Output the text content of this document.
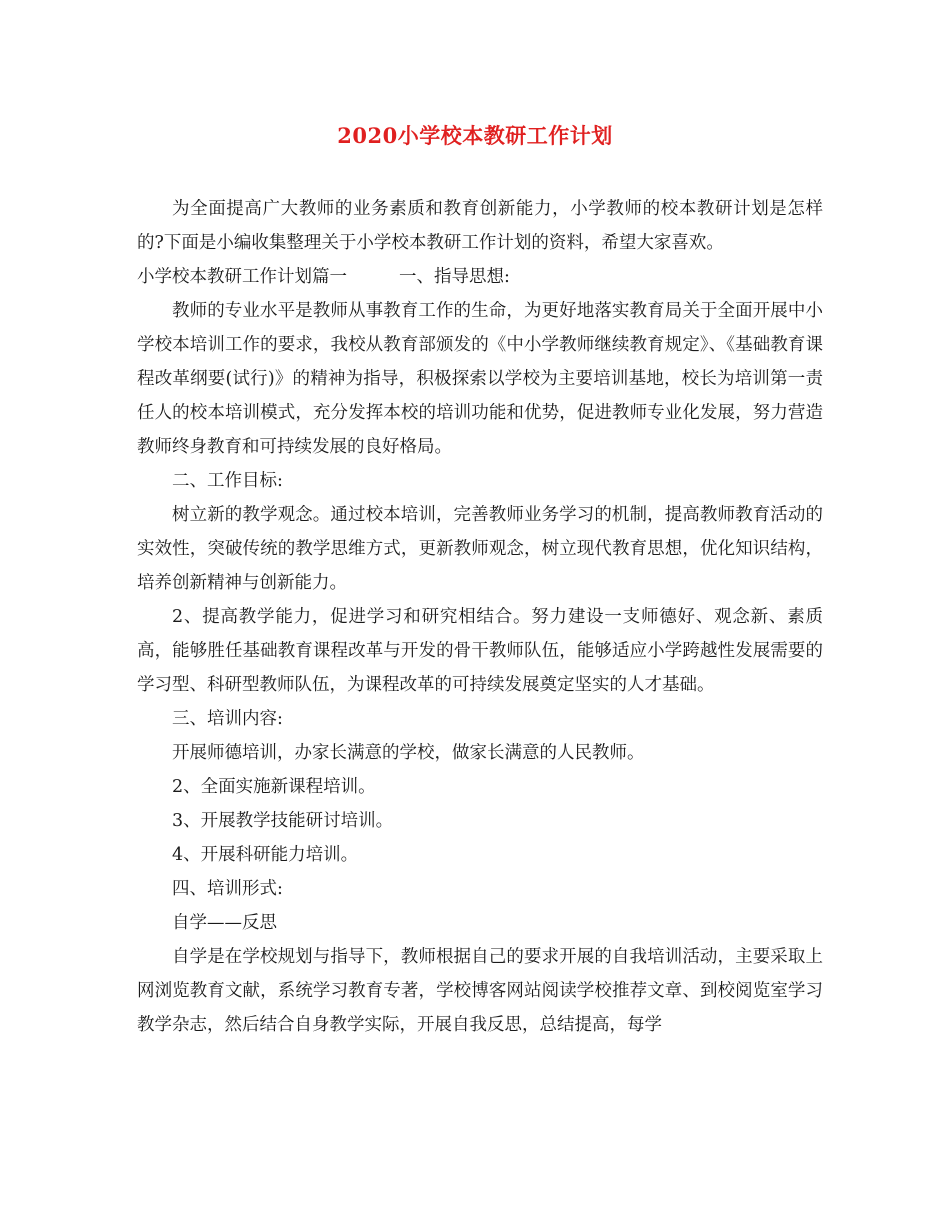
2020小学校本教研工作计划

为全面提高广大教师的业务素质和教育创新能力，小学教师的校本教研计划是怎样的?下面是小编收集整理关于小学校本教研工作计划的资料，希望大家喜欢。

小学校本教研工作计划篇一	一、指导思想:

教师的专业水平是教师从事教育工作的生命，为更好地落实教育局关于全面开展中小学校本培训工作的要求，我校从教育部颁发的《中小学教师继续教育规定》、《基础教育课程改革纲要(试行)》的精神为指导，积极探索以学校为主要培训基地，校长为培训第一责任人的校本培训模式，充分发挥本校的培训功能和优势，促进教师专业化发展，努力营造教师终身教育和可持续发展的良好格局。

二、工作目标:

树立新的教学观念。通过校本培训，完善教师业务学习的机制，提高教师教育活动的实效性，突破传统的教学思维方式，更新教师观念，树立现代教育思想，优化知识结构，培养创新精神与创新能力。

2、提高教学能力，促进学习和研究相结合。努力建设一支师德好、观念新、素质高，能够胜任基础教育课程改革与开发的骨干教师队伍，能够适应小学跨越性发展需要的学习型、科研型教师队伍，为课程改革的可持续发展奠定坚实的人才基础。

三、培训内容:

开展师德培训，办家长满意的学校，做家长满意的人民教师。

2、全面实施新课程培训。

3、开展教学技能研讨培训。

4、开展科研能力培训。

四、培训形式:

自学——反思

自学是在学校规划与指导下，教师根据自己的要求开展的自我培训活动，主要采取上网浏览教育文献，系统学习教育专著，学校博客网站阅读学校推荐文章、到校阅览室学习教学杂志，然后结合自身教学实际，开展自我反思，总结提高，每学
